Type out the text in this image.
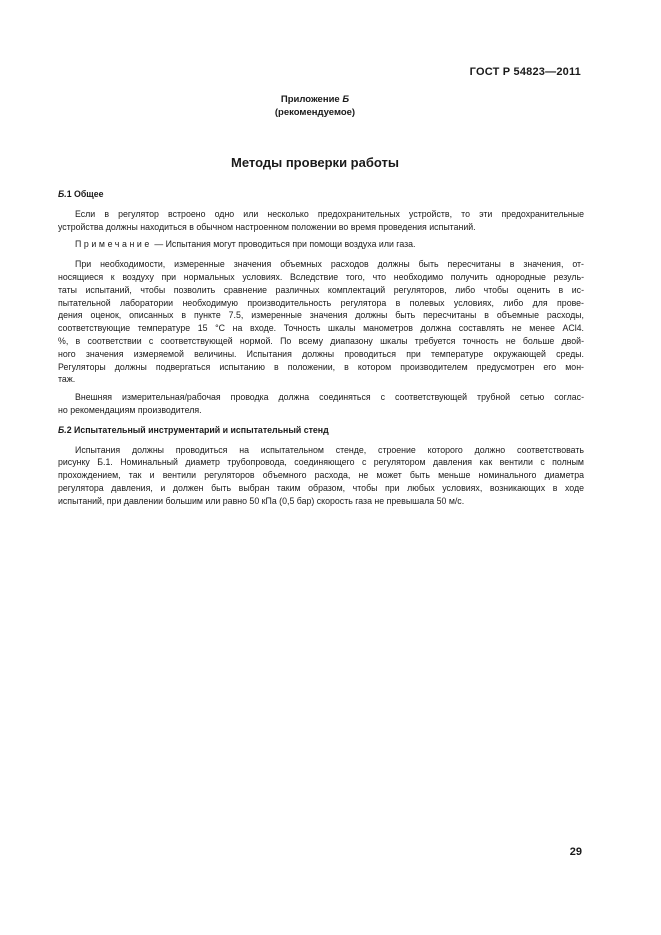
ГОСТ Р 54823—2011
Приложение Б
(рекомендуемое)
Методы проверки работы

Б.1 Общее

Если в регулятор встроено одно или несколько предохранительных устройств, то эти предохранительные
устройства должны находиться в обычном настроенном положении во время проведения испытаний.

Примечание — Испытания могут проводиться при помощи воздуха или газа.

При необходимости, измеренные значения объемных расходов должны быть пересчитаны в значения, от-
носящиеся к воздуху при нормальных условиях. Вследствие того, что необходимо получить однородные резуль-
таты испытаний, чтобы позволить сравнение различных комплектаций регуляторов, либо чтобы оценить в ис-
пытательной лаборатории необходимую производительность регулятора в полевых условиях, либо для прове-
дения оценок, описанных в пункте 7.5, измеренные значения должны быть пересчитаны в объемные расходы,
соответствующие температуре 15 °С на входе. Точность шкалы манометров должна составлять не менее ACl4.
%, в соответствии с соответствующей нормой. По всему диапазону шкалы требуется точность не больше двой-
ного значения измеряемой величины. Испытания должны проводиться при температуре окружающей среды.
Регуляторы должны подвергаться испытанию в положении, в котором производителем предусмотрен его мон-
таж.
Внешняя измерительная/рабочая проводка должна соединяться с соответствующей трубной сетью соглас-
но рекомендациям производителя.

Б.2 Испытательный инструментарий и испытательный стенд

Испытания должны проводиться на испытательном стенде, строение которого должно соответствовать
рисунку Б.1. Номинальный диаметр трубопровода, соединяющего с регулятором давления как вентили с полным
прохождением, так и вентили регуляторов объемного расхода, не может быть меньше номинального диаметра
регулятора давления, и должен быть выбран таким образом, чтобы при любых условиях, возникающих в ходе
испытаний, при давлении большим или равно 50 кПа (0,5 бар) скорость газа не превышала 50 м/с.
29
